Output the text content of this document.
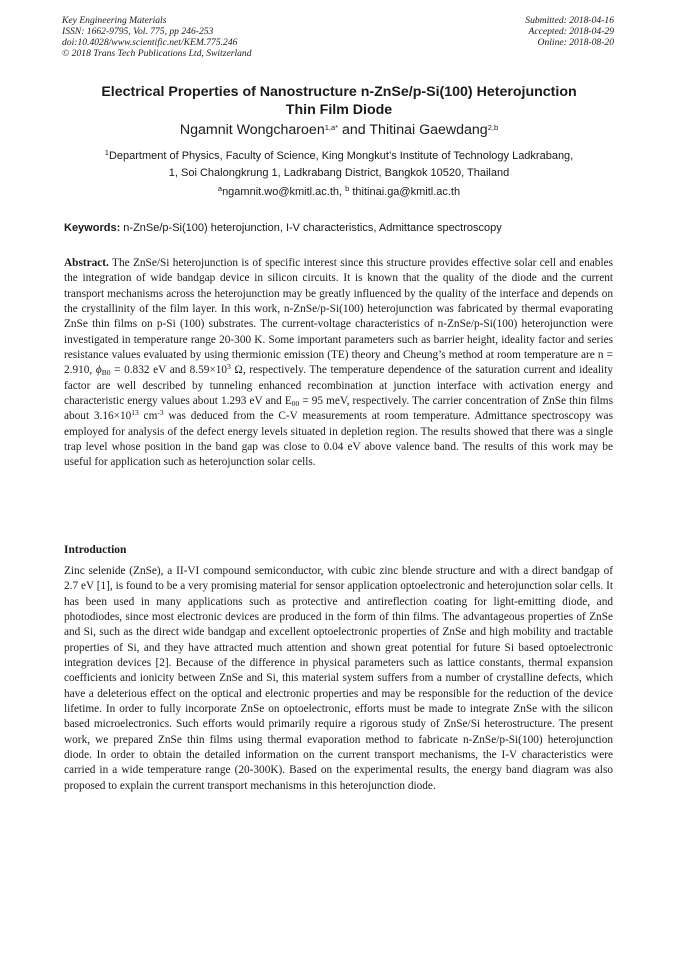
Key Engineering Materials
ISSN: 1662-9795, Vol. 775, pp 246-253
doi:10.4028/www.scientific.net/KEM.775.246
© 2018 Trans Tech Publications Ltd, Switzerland
Submitted: 2018-04-16
Accepted: 2018-04-29
Online: 2018-08-20
Electrical Properties of Nanostructure n-ZnSe/p-Si(100) Heterojunction
Thin Film Diode
Ngamnit Wongcharoen$^{1,a*}$ and Thitinai Gaewdang$^{2,b}$
$^1$Department of Physics, Faculty of Science, King Mongkut’s Institute of Technology Ladkrabang,
1, Soi Chalongkrung 1, Ladkrabang District, Bangkok 10520, Thailand
$^a$ngamnit.wo@kmitl.ac.th, $^b$ thitinai.ga@kmitl.ac.th
Keywords: n-ZnSe/p-Si(100) heterojunction, I-V characteristics, Admittance spectroscopy
Abstract. The ZnSe/Si heterojunction is of specific interest since this structure provides effective solar cell and enables the integration of wide bandgap device in silicon circuits. It is known that the quality of the diode and the current transport mechanisms across the heterojunction may be greatly influenced by the quality of the interface and depends on the crystallinity of the film layer. In this work, n-ZnSe/p-Si(100) heterojunction was fabricated by thermal evaporating ZnSe thin films on p-Si (100) substrates. The current-voltage characteristics of n-ZnSe/p-Si(100) heterojunction were investigated in temperature range 20-300 K. Some important parameters such as barrier height, ideality factor and series resistance values evaluated by using thermionic emission (TE) theory and Cheung’s method at room temperature are n = 2.910, $\phi_{B0} = 0.832$ eV and $8.59\times 10^3$ Ω, respectively. The temperature dependence of the saturation current and ideality factor are well described by tunneling enhanced recombination at junction interface with activation energy and characteristic energy values about 1.293 eV and $E_{00} = 95$ meV, respectively. The carrier concentration of ZnSe thin films about $3.16\times 10^{13}$ $cm^{-3}$ was deduced from the C-V measurements at room temperature. Admittance spectroscopy was employed for analysis of the defect energy levels situated in depletion region. The results showed that there was a single trap level whose position in the band gap was close to 0.04 eV above valence band. The results of this work may be useful for application such as heterojunction solar cells.
Introduction
Zinc selenide (ZnSe), a II-VI compound semiconductor, with cubic zinc blende structure and with a direct bandgap of 2.7 eV [1], is found to be a very promising material for sensor application optoelectronic and heterojunction solar cells. It has been used in many applications such as protective and antireflection coating for light-emitting diode, and photodiodes, since most electronic devices are produced in the form of thin films. The advantageous properties of ZnSe and Si, such as the direct wide bandgap and excellent optoelectronic properties of ZnSe and high mobility and tractable properties of Si, and they have attracted much attention and shown great potential for future Si based optoelectronic integration devices [2]. Because of the difference in physical parameters such as lattice constants, thermal expansion coefficients and ionicity between ZnSe and Si, this material system suffers from a number of crystalline defects, which have a deleterious effect on the optical and electronic properties and may be responsible for the reduction of the device lifetime. In order to fully incorporate ZnSe on optoelectronic, efforts must be made to integrate ZnSe with the silicon based microelectronics. Such efforts would primarily require a rigorous study of ZnSe/Si heterostructure. The present work, we prepared ZnSe thin films using thermal evaporation method to fabricate n-ZnSe/p-Si(100) heterojunction diode. In order to obtain the detailed information on the current transport mechanisms, the I-V characteristics were carried in a wide temperature range (20-300K). Based on the experimental results, the energy band diagram was also proposed to explain the current transport mechanisms in this heterojunction diode.
